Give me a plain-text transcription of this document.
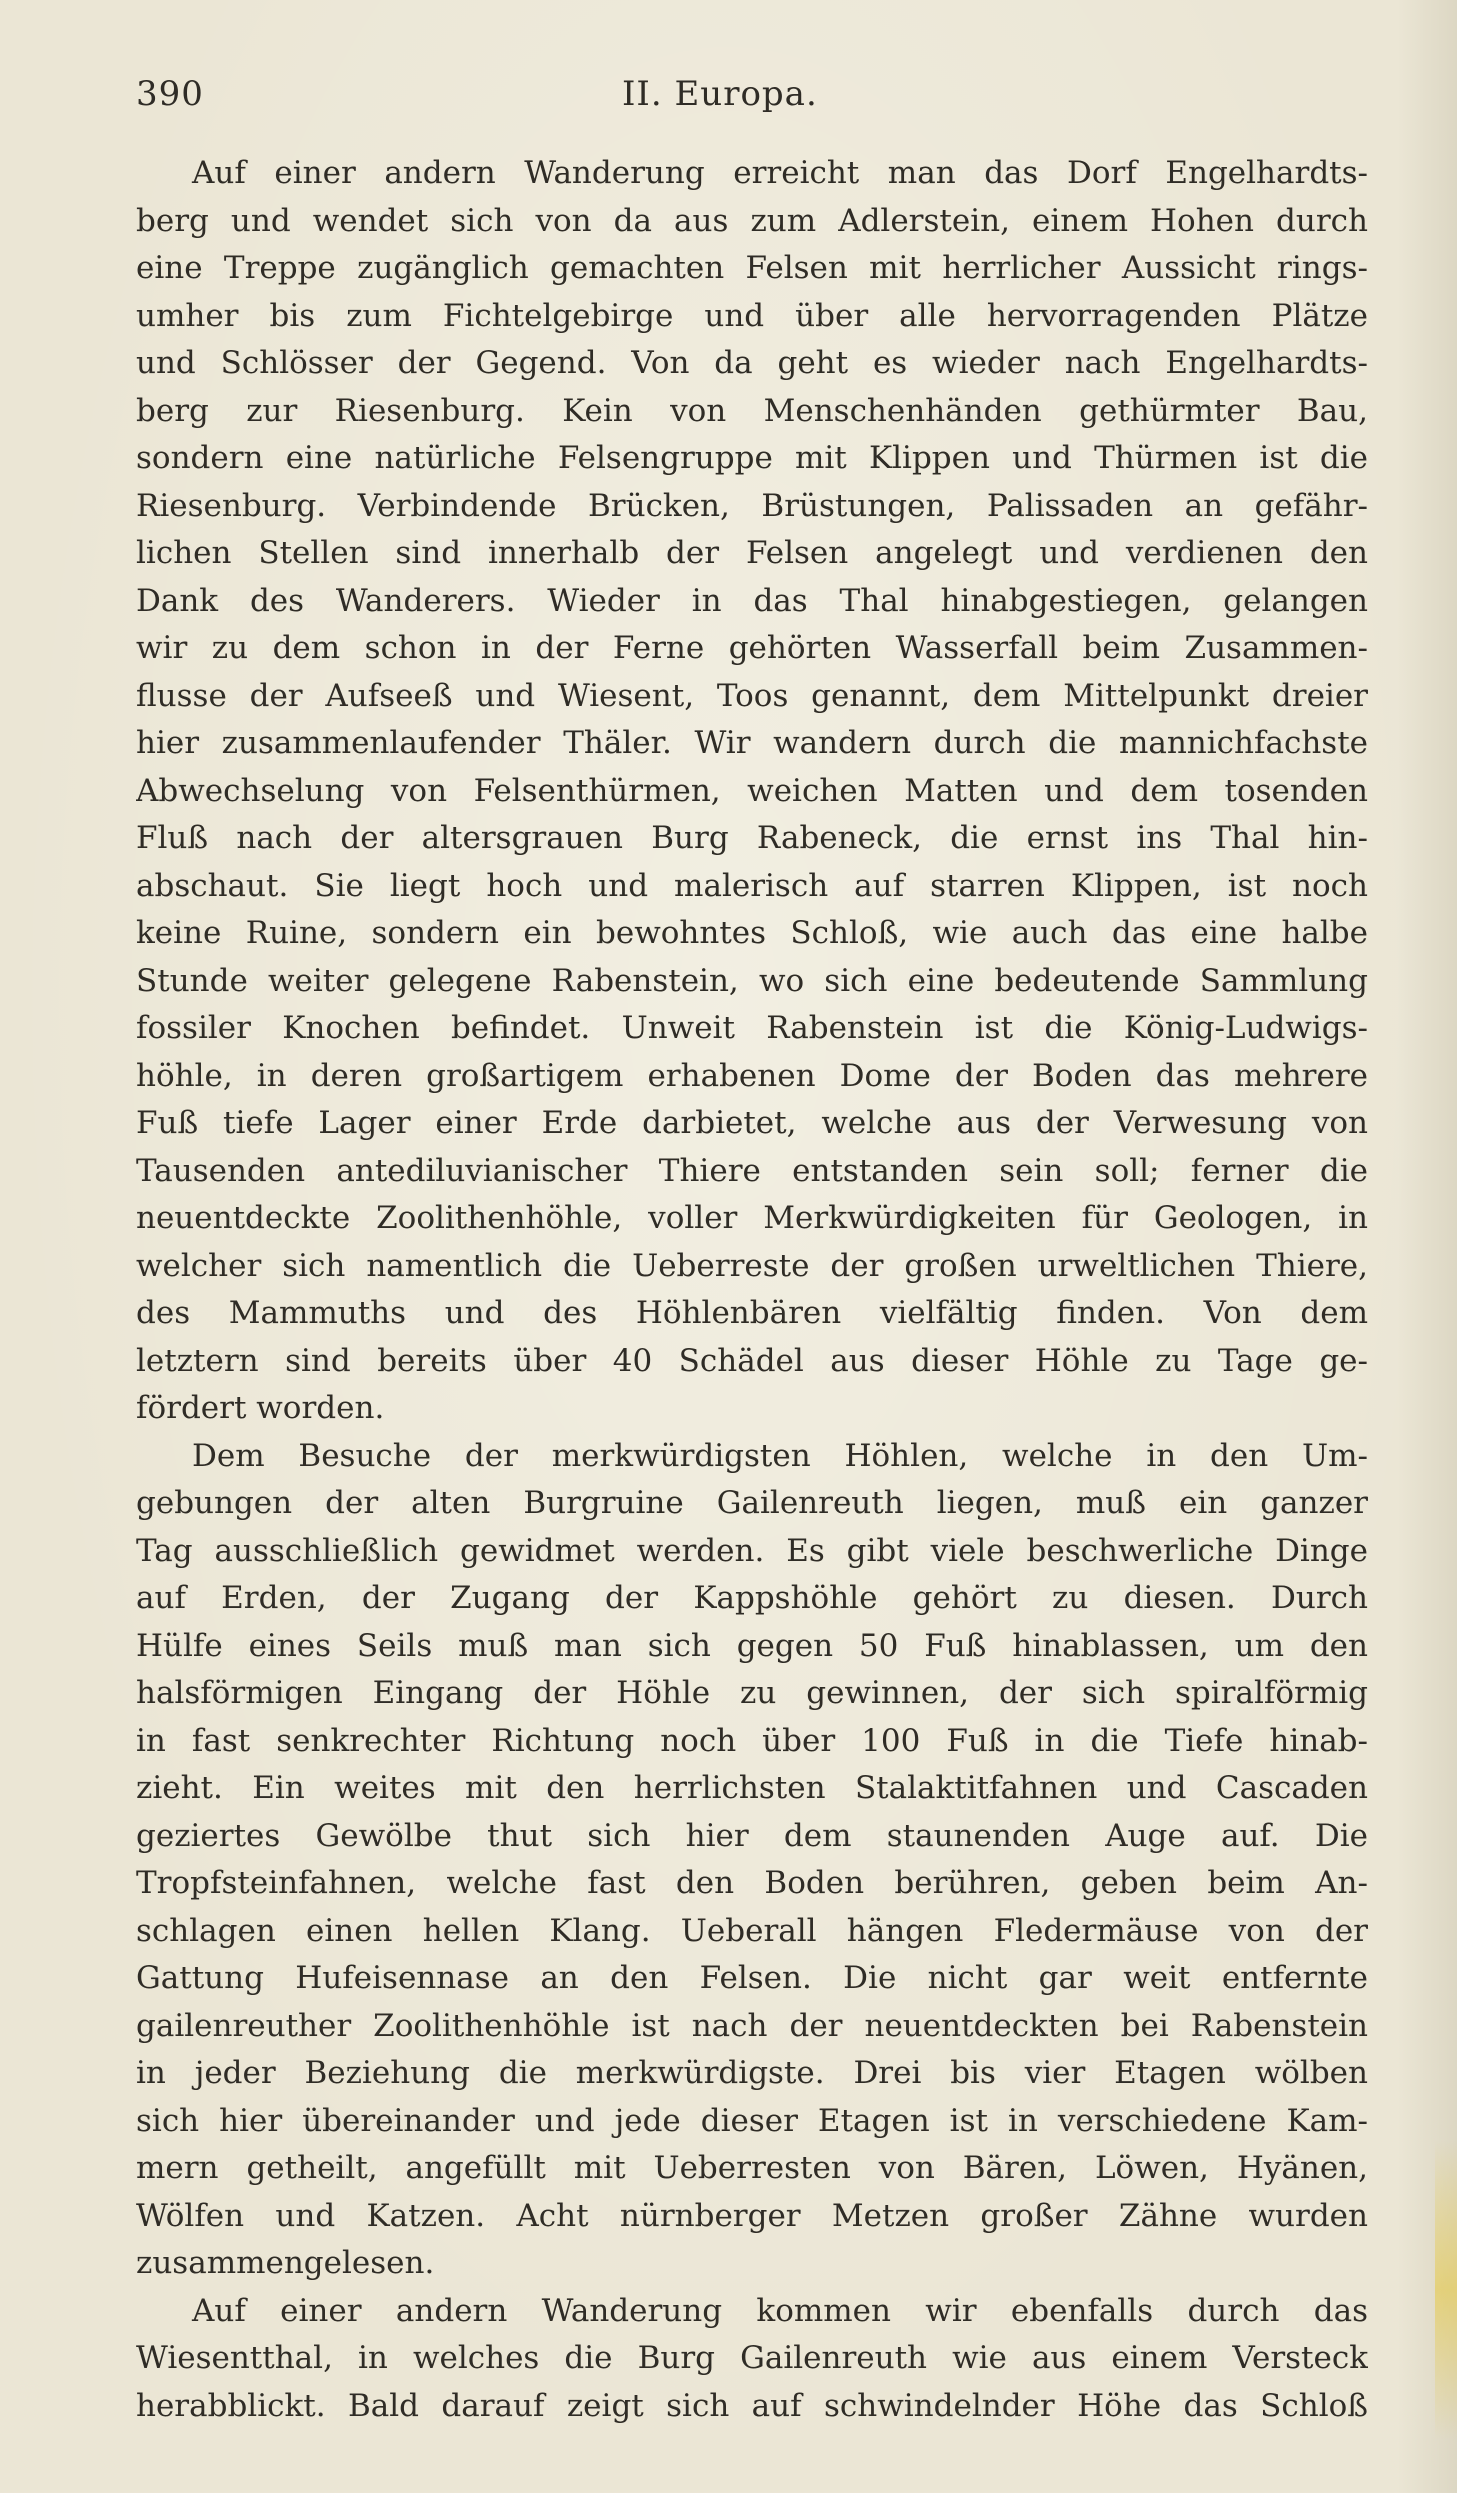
390	II. Europa.
Auf einer andern Wanderung erreicht man das Dorf Engelhardts-
berg und wendet sich von da aus zum Adlerstein, einem Hohen durch
eine Treppe zugänglich gemachten Felsen mit herrlicher Aussicht rings-
umher bis zum Fichtelgebirge und über alle hervorragenden Plätze
und Schlösser der Gegend. Von da geht es wieder nach Engelhardts-
berg zur Riesenburg. Kein von Menschenhänden gethürmter Bau,
sondern eine natürliche Felsengruppe mit Klippen und Thürmen ist die
Riesenburg. Verbindende Brücken, Brüstungen, Palissaden an gefähr-
lichen Stellen sind innerhalb der Felsen angelegt und verdienen den
Dank des Wanderers. Wieder in das Thal hinabgestiegen, gelangen
wir zu dem schon in der Ferne gehörten Wasserfall beim Zusammen-
flusse der Aufseeß und Wiesent, Toos genannt, dem Mittelpunkt dreier
hier zusammenlaufender Thäler. Wir wandern durch die mannichfachste
Abwechselung von Felsenthürmen, weichen Matten und dem tosenden
Fluß nach der altersgrauen Burg Rabeneck, die ernst ins Thal hin-
abschaut. Sie liegt hoch und malerisch auf starren Klippen, ist noch
keine Ruine, sondern ein bewohntes Schloß, wie auch das eine halbe
Stunde weiter gelegene Rabenstein, wo sich eine bedeutende Sammlung
fossiler Knochen befindet. Unweit Rabenstein ist die König-Ludwigs-
höhle, in deren großartigem erhabenen Dome der Boden das mehrere
Fuß tiefe Lager einer Erde darbietet, welche aus der Verwesung von
Tausenden antediluvianischer Thiere entstanden sein soll; ferner die
neuentdeckte Zoolithenhöhle, voller Merkwürdigkeiten für Geologen, in
welcher sich namentlich die Ueberreste der großen urweltlichen Thiere,
des Mammuths und des Höhlenbären vielfältig finden. Von dem
letztern sind bereits über 40 Schädel aus dieser Höhle zu Tage ge-
fördert worden.
Dem Besuche der merkwürdigsten Höhlen, welche in den Um-
gebungen der alten Burgruine Gailenreuth liegen, muß ein ganzer
Tag ausschließlich gewidmet werden. Es gibt viele beschwerliche Dinge
auf Erden, der Zugang der Kappshöhle gehört zu diesen. Durch
Hülfe eines Seils muß man sich gegen 50 Fuß hinablassen, um den
halsförmigen Eingang der Höhle zu gewinnen, der sich spiralförmig
in fast senkrechter Richtung noch über 100 Fuß in die Tiefe hinab-
zieht. Ein weites mit den herrlichsten Stalaktitfahnen und Cascaden
geziertes Gewölbe thut sich hier dem staunenden Auge auf. Die
Tropfsteinfahnen, welche fast den Boden berühren, geben beim An-
schlagen einen hellen Klang. Ueberall hängen Fledermäuse von der
Gattung Hufeisennase an den Felsen. Die nicht gar weit entfernte
gailenreuther Zoolithenhöhle ist nach der neuentdeckten bei Rabenstein
in jeder Beziehung die merkwürdigste. Drei bis vier Etagen wölben
sich hier übereinander und jede dieser Etagen ist in verschiedene Kam-
mern getheilt, angefüllt mit Ueberresten von Bären, Löwen, Hyänen,
Wölfen und Katzen. Acht nürnberger Metzen großer Zähne wurden
zusammengelesen.
Auf einer andern Wanderung kommen wir ebenfalls durch das
Wiesentthal, in welches die Burg Gailenreuth wie aus einem Versteck
herabblickt. Bald darauf zeigt sich auf schwindelnder Höhe das Schloß
